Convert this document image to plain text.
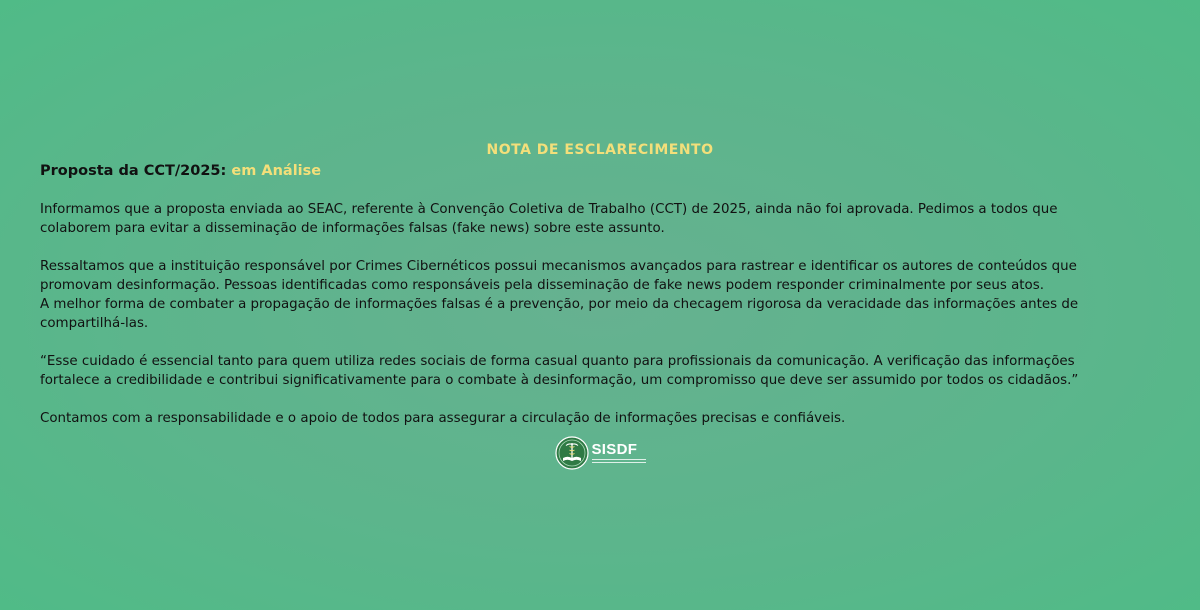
NOTA DE ESCLARECIMENTO

Proposta da CCT/2025: em Análise

Informamos que a proposta enviada ao SEAC, referente à Convenção Coletiva de Trabalho (CCT) de 2025, ainda não foi aprovada. Pedimos a todos que
colaborem para evitar a disseminação de informações falsas (fake news) sobre este assunto.

Ressaltamos que a instituição responsável por Crimes Cibernéticos possui mecanismos avançados para rastrear e identificar os autores de conteúdos que
promovam desinformação. Pessoas identificadas como responsáveis pela disseminação de fake news podem responder criminalmente por seus atos.
A melhor forma de combater a propagação de informações falsas é a prevenção, por meio da checagem rigorosa da veracidade das informações antes de
compartilhá-las.

“Esse cuidado é essencial tanto para quem utiliza redes sociais de forma casual quanto para profissionais da comunicação. A verificação das informações
fortalece a credibilidade e contribui significativamente para o combate à desinformação, um compromisso que deve ser assumido por todos os cidadãos.”

Contamos com a responsabilidade e o apoio de todos para assegurar a circulação de informações precisas e confiáveis.

SISDF
